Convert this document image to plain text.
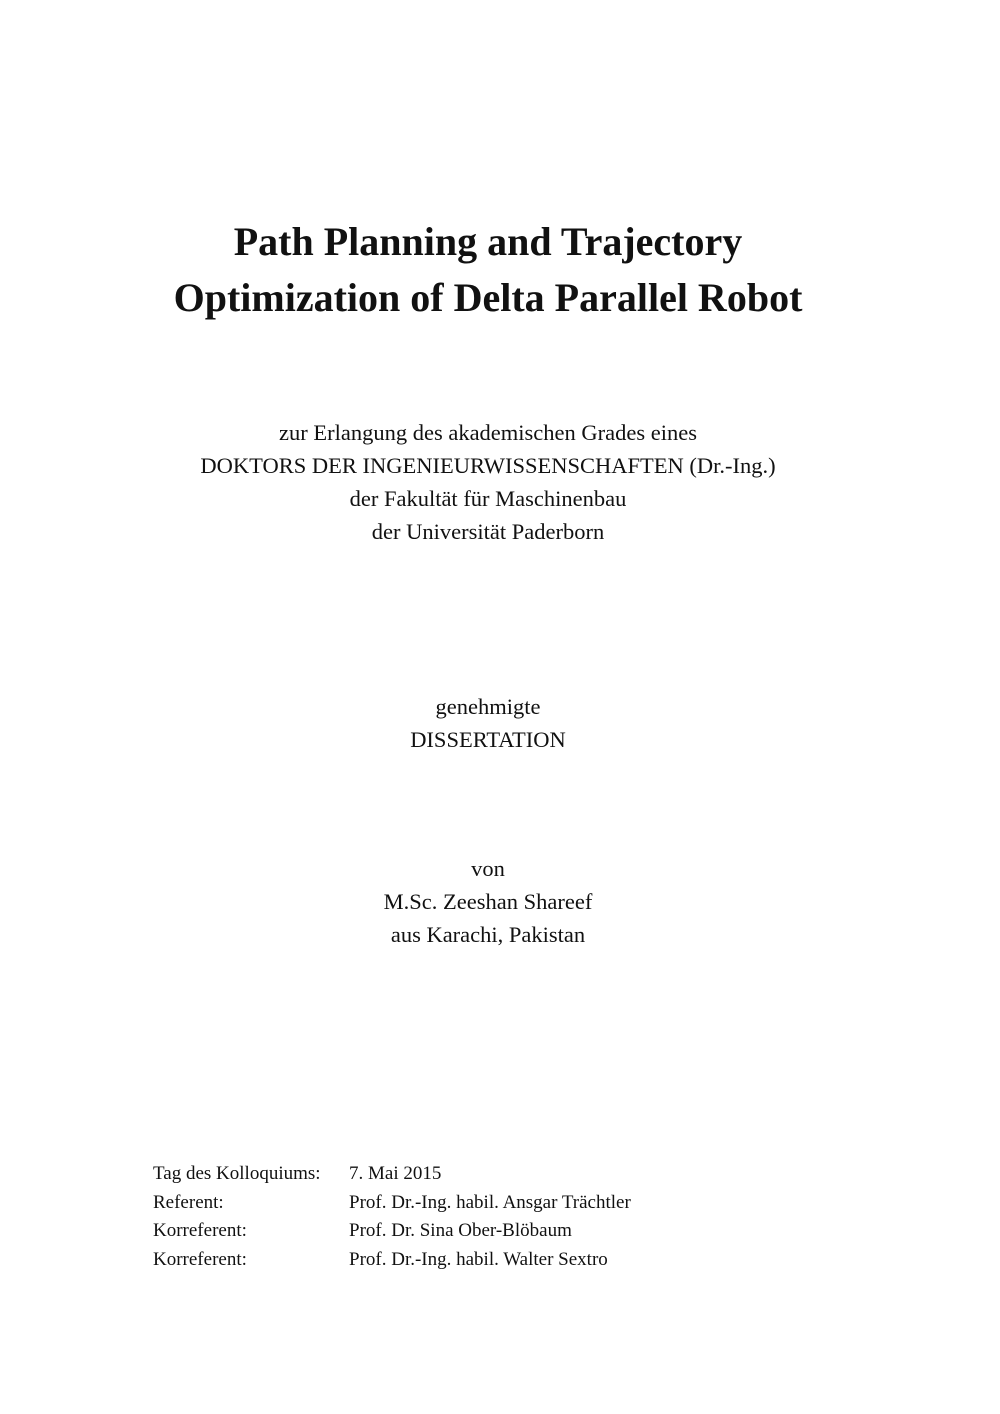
Path Planning and Trajectory
Optimization of Delta Parallel Robot
zur Erlangung des akademischen Grades eines
DOKTORS DER INGENIEURWISSENSCHAFTEN (Dr.-Ing.)
der Fakultät für Maschinenbau
der Universität Paderborn
genehmigte
DISSERTATION
von
M.Sc. Zeeshan Shareef
aus Karachi, Pakistan
Tag des Kolloquiums:	7. Mai 2015
Referent:	Prof. Dr.-Ing. habil. Ansgar Trächtler
Korreferent:	Prof. Dr. Sina Ober-Blöbaum
Korreferent:	Prof. Dr.-Ing. habil. Walter Sextro
